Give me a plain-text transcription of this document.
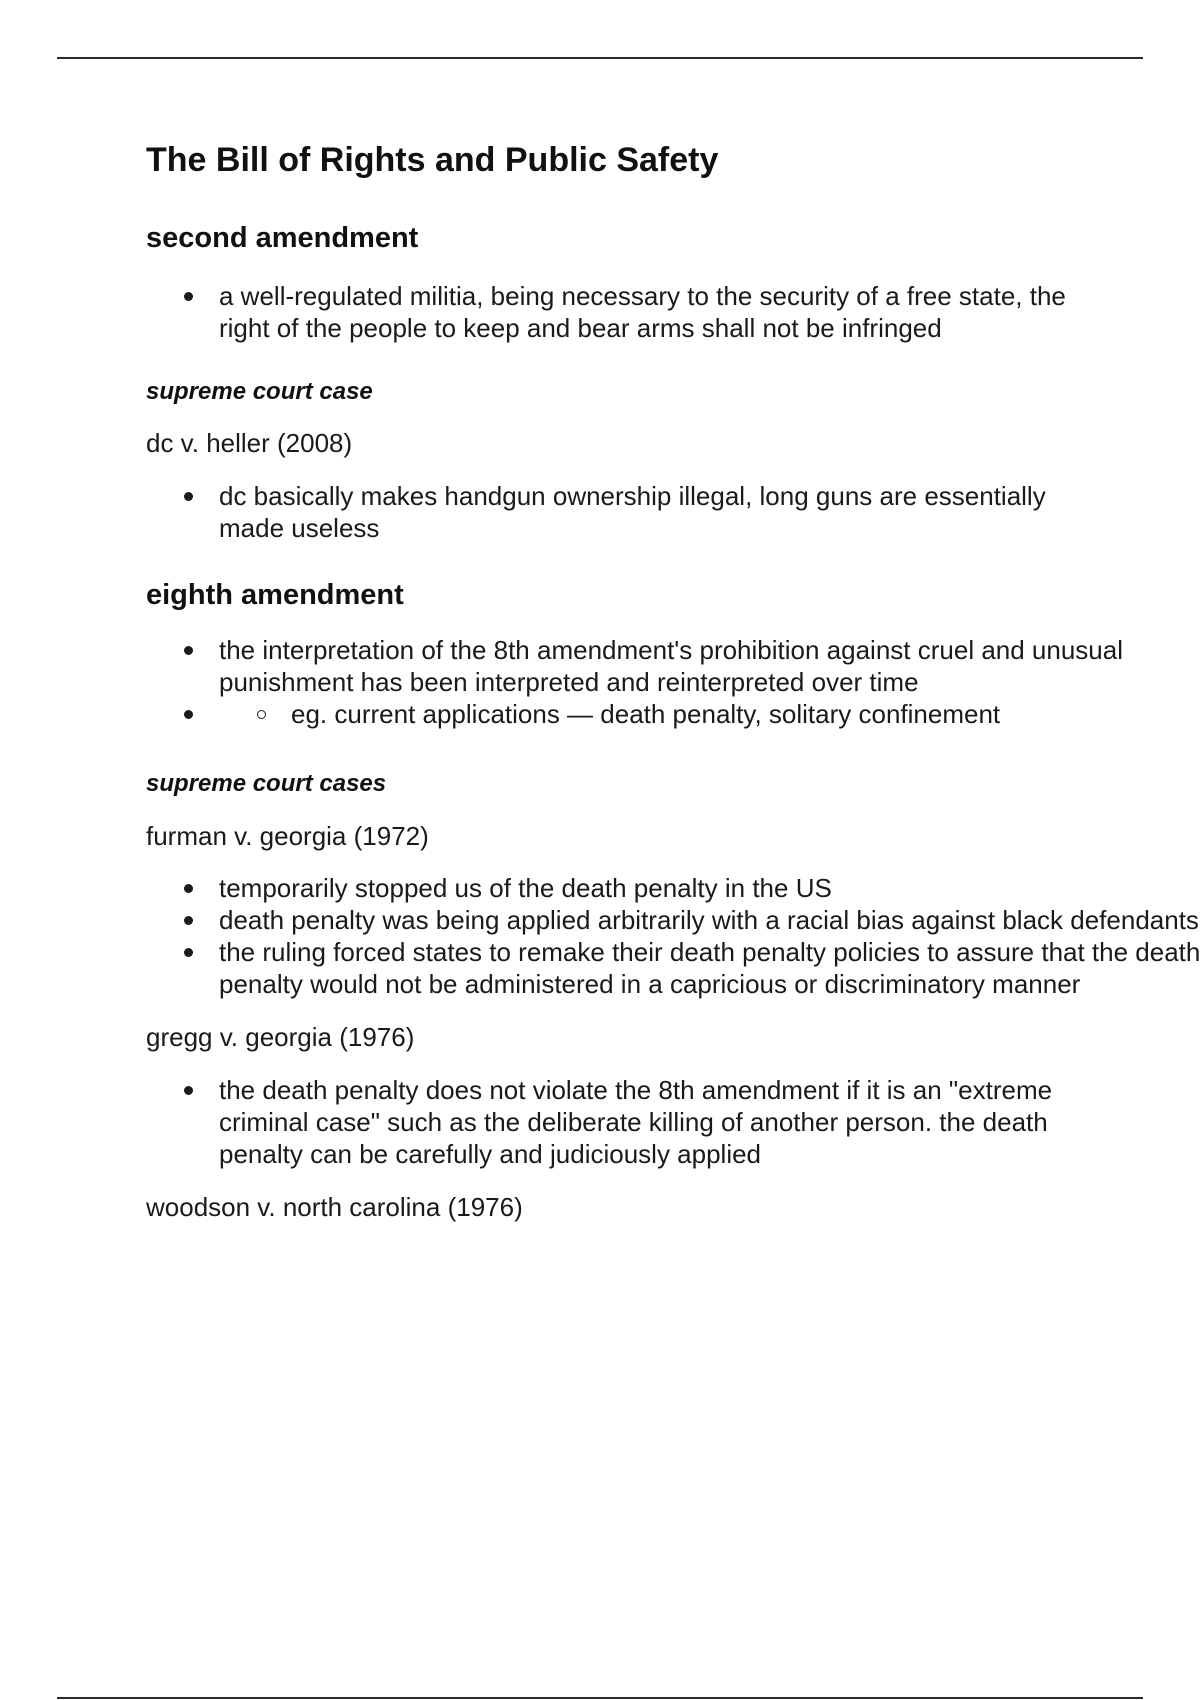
The Bill of Rights and Public Safety
second amendment
a well-regulated militia, being necessary to the security of a free state, the right of the people to keep and bear arms shall not be infringed
supreme court case

dc v. heller (2008)

dc basically makes handgun ownership illegal, long guns are essentially made useless
eighth amendment
the interpretation of the 8th amendment's prohibition against cruel and unusual punishment has been interpreted and reinterpreted over time
eg. current applications — death penalty, solitary confinement
supreme court cases

furman v. georgia (1972)

temporarily stopped us of the death penalty in the US
death penalty was being applied arbitrarily with a racial bias against black defendants
the ruling forced states to remake their death penalty policies to assure that the death penalty would not be administered in a capricious or discriminatory manner

gregg v. georgia (1976)

the death penalty does not violate the 8th amendment if it is an "extreme criminal case" such as the deliberate killing of another person. the death penalty can be carefully and judiciously applied

woodson v. north carolina (1976)
